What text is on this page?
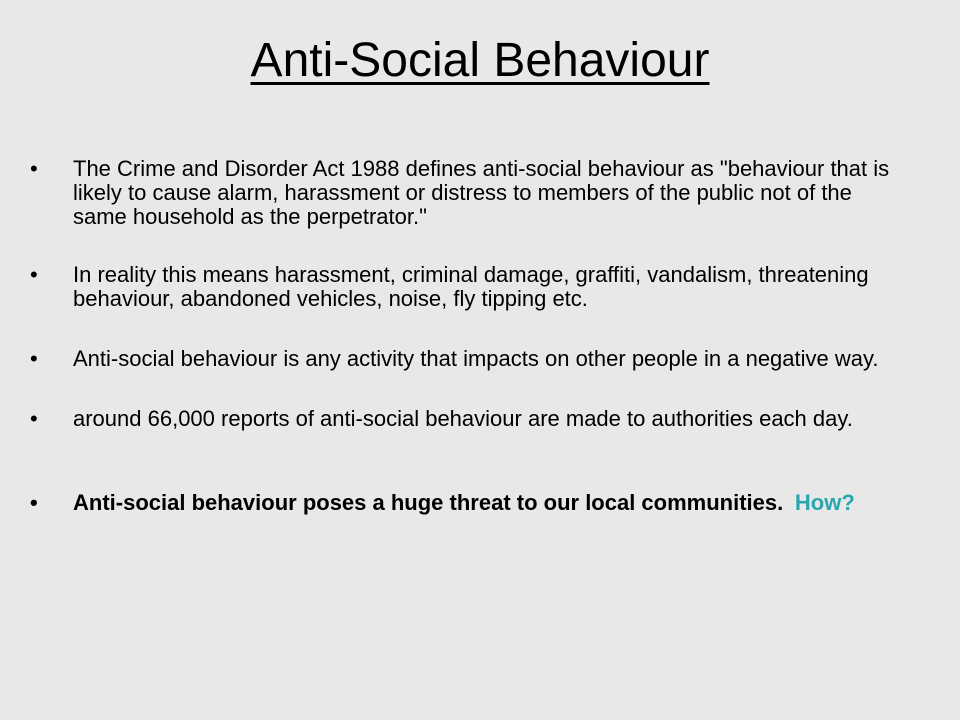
Anti-Social Behaviour
• The Crime and Disorder Act 1988 defines anti-social behaviour as "behaviour that is likely to cause alarm, harassment or distress to members of the public not of the same household as the perpetrator."
• In reality this means harassment, criminal damage, graffiti, vandalism, threatening behaviour, abandoned vehicles, noise, fly tipping etc.
• Anti-social behaviour is any activity that impacts on other people in a negative way.
• around 66,000 reports of anti-social behaviour are made to authorities each day.
• Anti-social behaviour poses a huge threat to our local communities. How?
